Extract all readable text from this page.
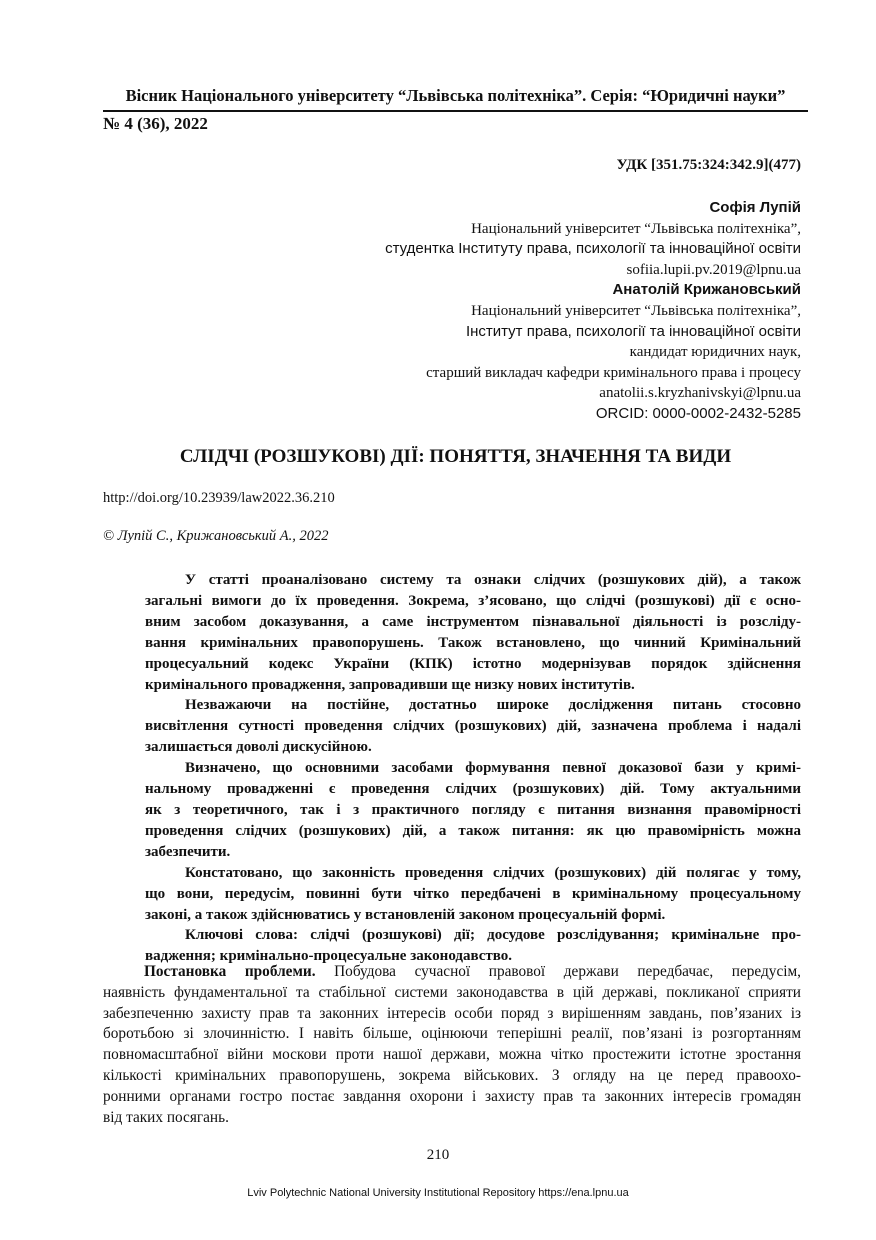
Вісник Національного університету “Львівська політехніка”. Серія: “Юридичні науки”
№ 4 (36), 2022
УДК [351.75:324:342.9](477)
Софія Лупій
Національний університет “Львівська політехніка”,
студентка Інституту права, психології та інноваційної освіти
sofiia.lupii.pv.2019@lpnu.ua
Анатолій Крижановський
Національний університет “Львівська політехніка”,
Інститут права, психології та інноваційної освіти
кандидат юридичних наук,
старший викладач кафедри кримінального права і процесу
anatolii.s.kryzhanivskyi@lpnu.ua
ORCID: 0000-0002-2432-5285
СЛІДЧІ (РОЗШУКОВІ) ДІЇ: ПОНЯТТЯ, ЗНАЧЕННЯ ТА ВИДИ
http://doi.org/10.23939/law2022.36.210
© Лупій С., Крижановський А., 2022
У статті проаналізовано систему та ознаки слідчих (розшукових дій), а також
загальні вимоги до їх проведення. Зокрема, з’ясовано, що слідчі (розшукові) дії є осно-
вним засобом доказування, а саме інструментом пізнавальної діяльності із розсліду-
вання кримінальних правопорушень. Також встановлено, що чинний Кримінальний
процесуальний кодекс України (КПК) істотно модернізував порядок здійснення
кримінального провадження, запровадивши ще низку нових інститутів.
Незважаючи на постійне, достатньо широке дослідження питань стосовно
висвітлення сутності проведення слідчих (розшукових) дій, зазначена проблема і надалі
залишається доволі дискусійною.
Визначено, що основними засобами формування певної доказової бази у кримі-
нальному провадженні є проведення слідчих (розшукових) дій. Тому актуальними
як з теоретичного, так і з практичного погляду є питання визнання правомірності
проведення слідчих (розшукових) дій, а також питання: як цю правомірність можна
забезпечити.
Констатовано, що законність проведення слідчих (розшукових) дій полягає у тому,
що вони, передусім, повинні бути чітко передбачені в кримінальному процесуальному
законі, а також здійснюватись у встановленій законом процесуальній формі.
Ключові слова: слідчі (розшукові) дії; досудове розслідування; кримінальне про-
вадження; кримінально-процесуальне законодавство.
Постановка проблеми. Побудова сучасної правової держави передбачає, передусім,
наявність фундаментальної та стабільної системи законодавства в цій державі, покликаної сприяти
забезпеченню захисту прав та законних інтересів особи поряд з вирішенням завдань, пов’язаних із
боротьбою зі злочинністю. І навіть більше, оцінюючи теперішні реалії, пов’язані із розгортанням
повномасштабної війни москови проти нашої держави, можна чітко простежити істотне зростання
кількості кримінальних правопорушень, зокрема військових. З огляду на це перед правоохо-
ронними органами гостро постає завдання охорони і захисту прав та законних інтересів громадян
від таких посягань.
210
Lviv Polytechnic National University Institutional Repository https://ena.lpnu.ua
